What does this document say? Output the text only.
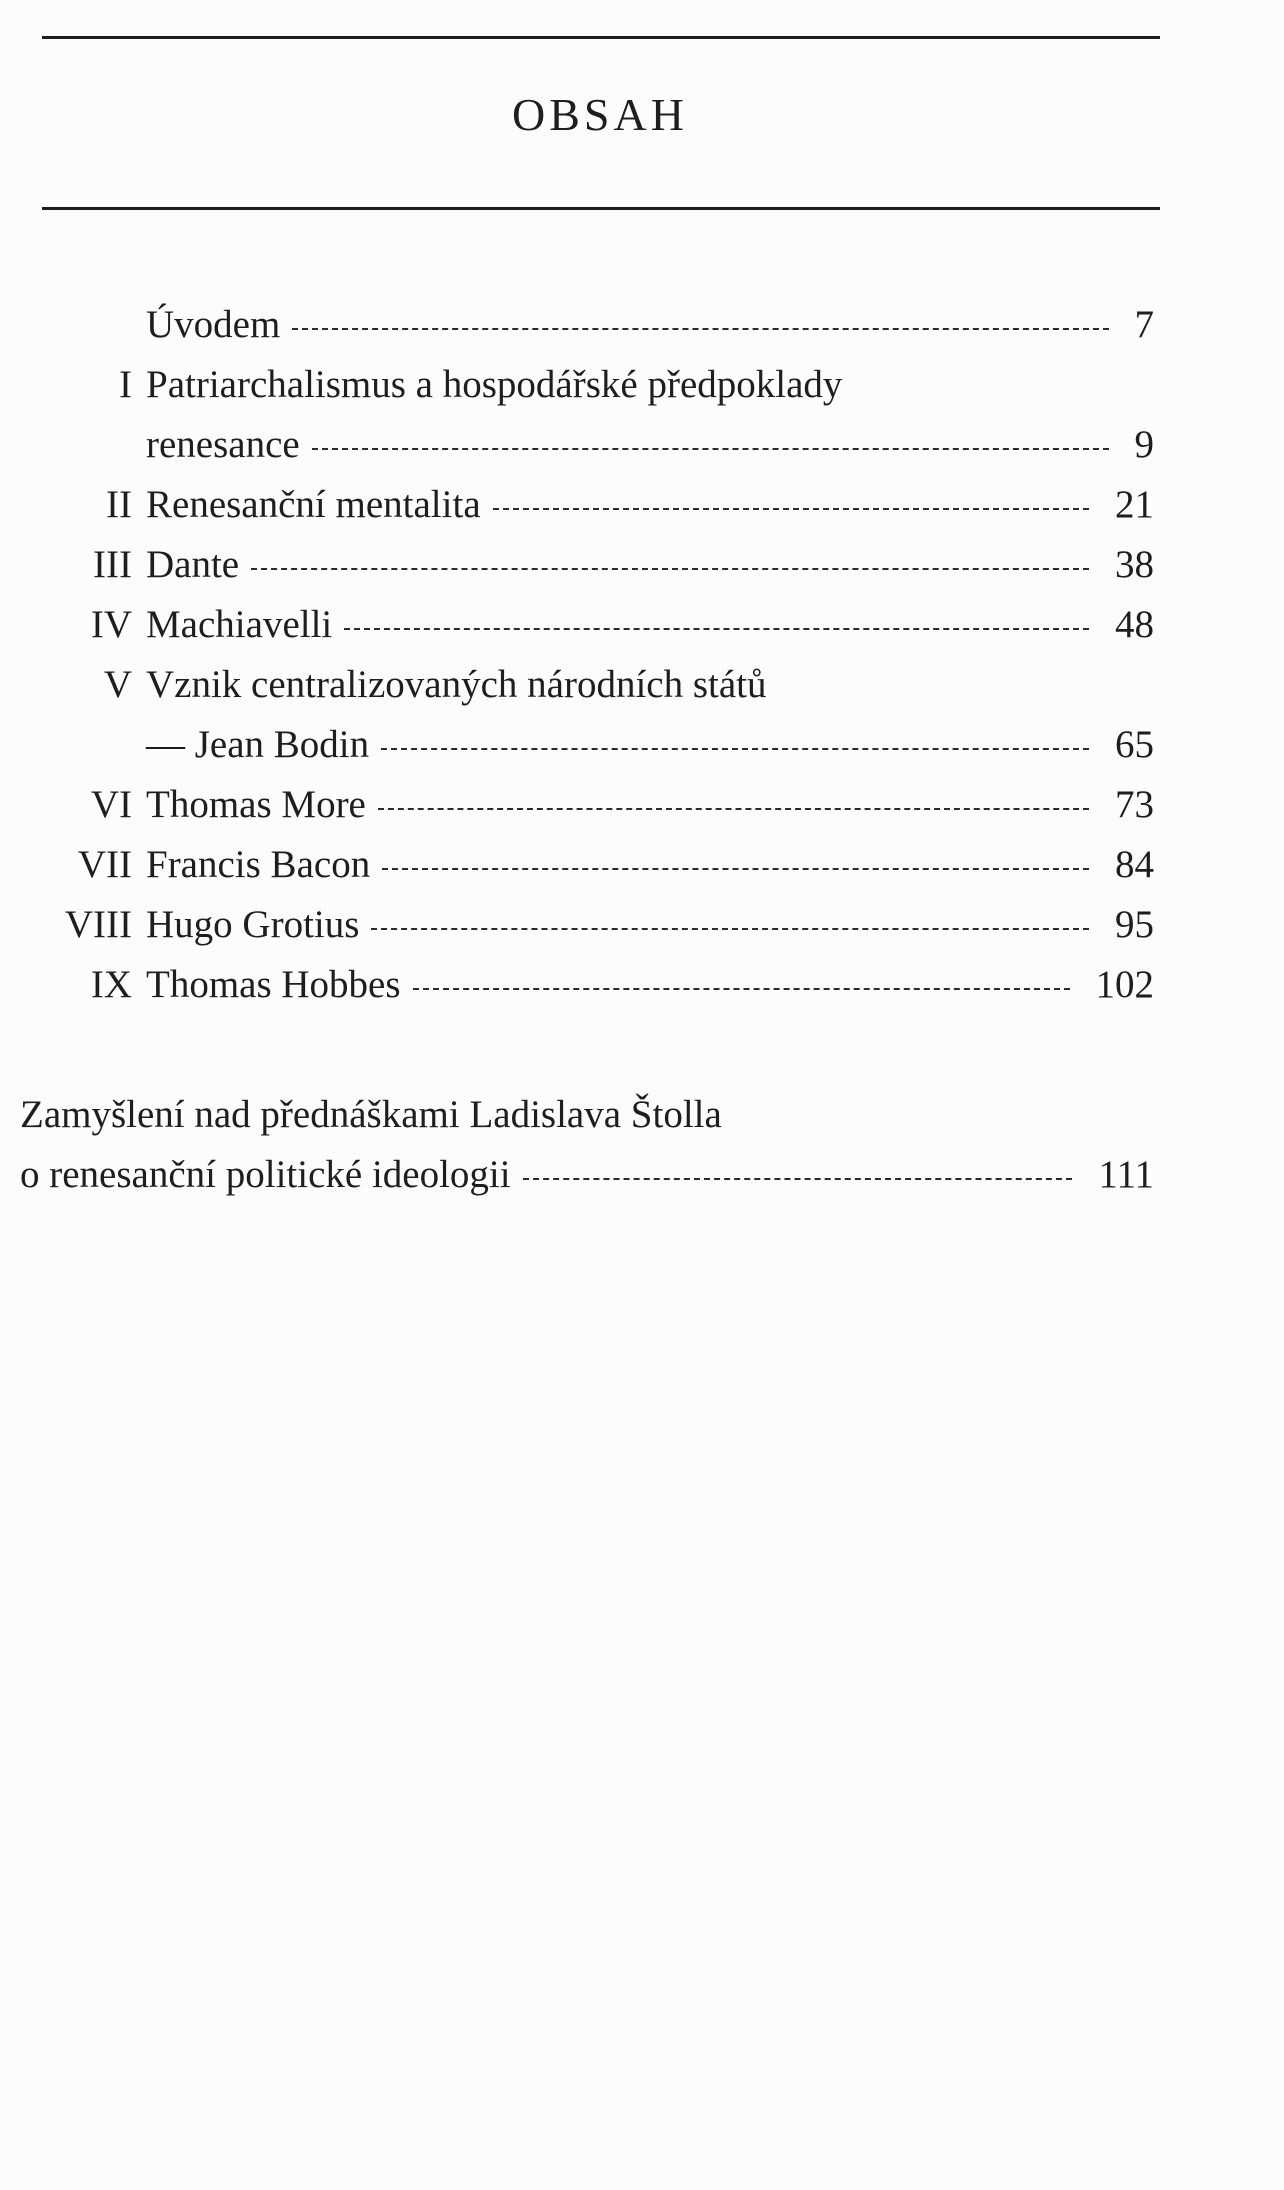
OBSAH
Úvodem	7
I Patriarchalismus a hospodářské předpoklady
renesance	9
II Renesanční mentalita	21
III Dante	38
IV Machiavelli	48
V Vznik centralizovaných národních států
— Jean Bodin	65
VI Thomas More	73
VII Francis Bacon	84
VIII Hugo Grotius	95
IX Thomas Hobbes	102
Zamyšlení nad přednáškami Ladislava Štolla
o renesanční politické ideologii	111
